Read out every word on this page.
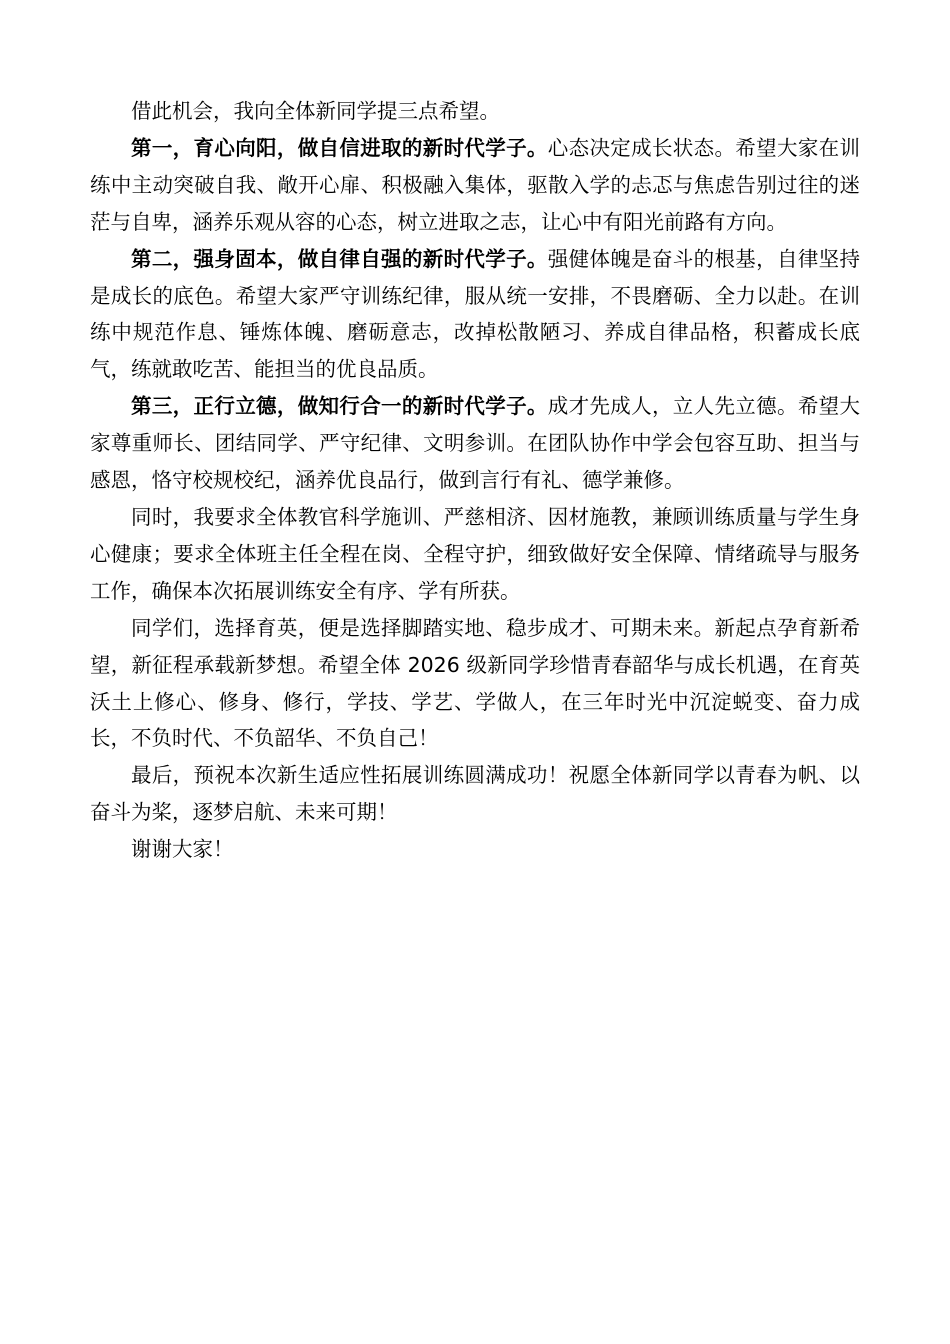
借此机会，我向全体新同学提三点希望。

第一，育心向阳，做自信进取的新时代学子。心态决定成长状态。希望大家在训练中主动突破自我、敞开心扉、积极融入集体，驱散入学的忐忑与焦虑告别过往的迷茫与自卑，涵养乐观从容的心态，树立进取之志，让心中有阳光前路有方向。

第二，强身固本，做自律自强的新时代学子。强健体魄是奋斗的根基，自律坚持是成长的底色。希望大家严守训练纪律，服从统一安排，不畏磨砺、全力以赴。在训练中规范作息、锤炼体魄、磨砺意志，改掉松散陋习、养成自律品格，积蓄成长底气，练就敢吃苦、能担当的优良品质。

第三，正行立德，做知行合一的新时代学子。成才先成人，立人先立德。希望大家尊重师长、团结同学、严守纪律、文明参训。在团队协作中学会包容互助、担当与感恩，恪守校规校纪，涵养优良品行，做到言行有礼、德学兼修。

同时，我要求全体教官科学施训、严慈相济、因材施教，兼顾训练质量与学生身心健康；要求全体班主任全程在岗、全程守护，细致做好安全保障、情绪疏导与服务工作，确保本次拓展训练安全有序、学有所获。

同学们，选择育英，便是选择脚踏实地、稳步成才、可期未来。新起点孕育新希望，新征程承载新梦想。希望全体 2026 级新同学珍惜青春韶华与成长机遇，在育英沃土上修心、修身、修行，学技、学艺、学做人，在三年时光中沉淀蜕变、奋力成长，不负时代、不负韶华、不负自己！

最后，预祝本次新生适应性拓展训练圆满成功！祝愿全体新同学以青春为帆、以奋斗为桨，逐梦启航、未来可期！

谢谢大家！
